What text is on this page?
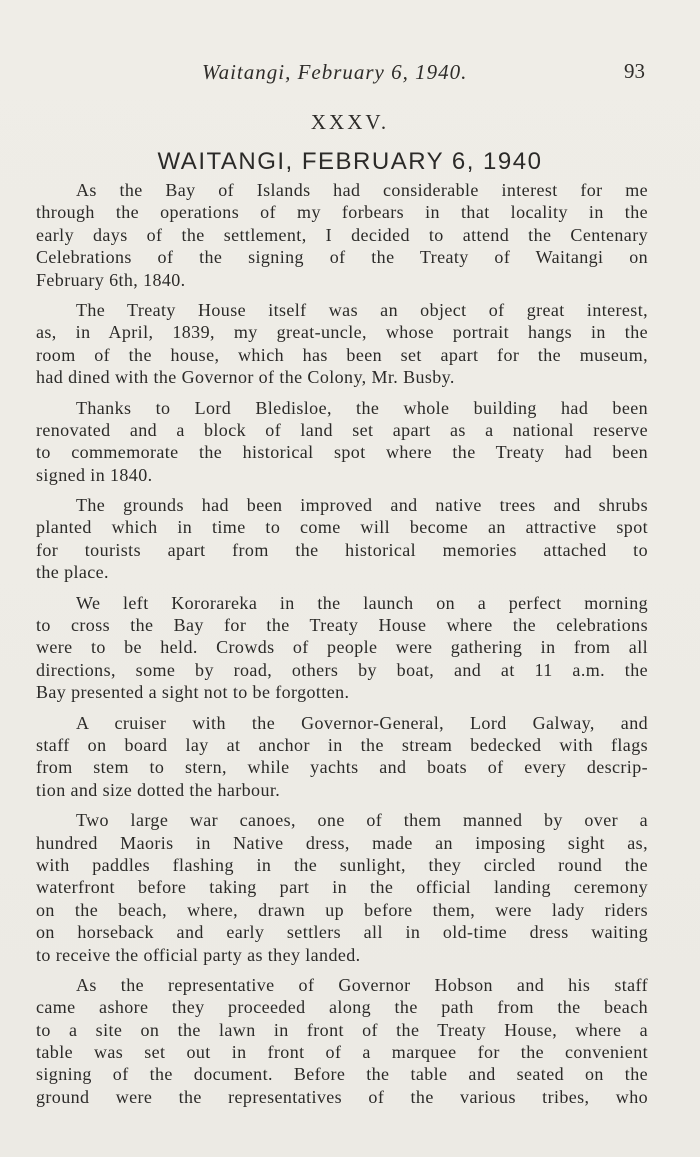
Waitangi, February 6, 1940.	93
XXXV.
WAITANGI, FEBRUARY 6, 1940
As the Bay of Islands had considerable interest for me
through the operations of my forbears in that locality in the
early days of the settlement, I decided to attend the Centenary
Celebrations of the signing of the Treaty of Waitangi on
February 6th, 1840.
The Treaty House itself was an object of great interest,
as, in April, 1839, my great-uncle, whose portrait hangs in the
room of the house, which has been set apart for the museum,
had dined with the Governor of the Colony, Mr. Busby.
Thanks to Lord Bledisloe, the whole building had been
renovated and a block of land set apart as a national reserve
to commemorate the historical spot where the Treaty had been
signed in 1840.
The grounds had been improved and native trees and shrubs
planted which in time to come will become an attractive spot
for tourists apart from the historical memories attached to
the place.
We left Kororareka in the launch on a perfect morning
to cross the Bay for the Treaty House where the celebrations
were to be held. Crowds of people were gathering in from all
directions, some by road, others by boat, and at 11 a.m. the
Bay presented a sight not to be forgotten.
A cruiser with the Governor-General, Lord Galway, and
staff on board lay at anchor in the stream bedecked with flags
from stem to stern, while yachts and boats of every descrip-
tion and size dotted the harbour.
Two large war canoes, one of them manned by over a
hundred Maoris in Native dress, made an imposing sight as,
with paddles flashing in the sunlight, they circled round the
waterfront before taking part in the official landing ceremony
on the beach, where, drawn up before them, were lady riders
on horseback and early settlers all in old-time dress waiting
to receive the official party as they landed.
As the representative of Governor Hobson and his staff
came ashore they proceeded along the path from the beach
to a site on the lawn in front of the Treaty House, where a
table was set out in front of a marquee for the convenient
signing of the document. Before the table and seated on the
ground were the representatives of the various tribes, who
